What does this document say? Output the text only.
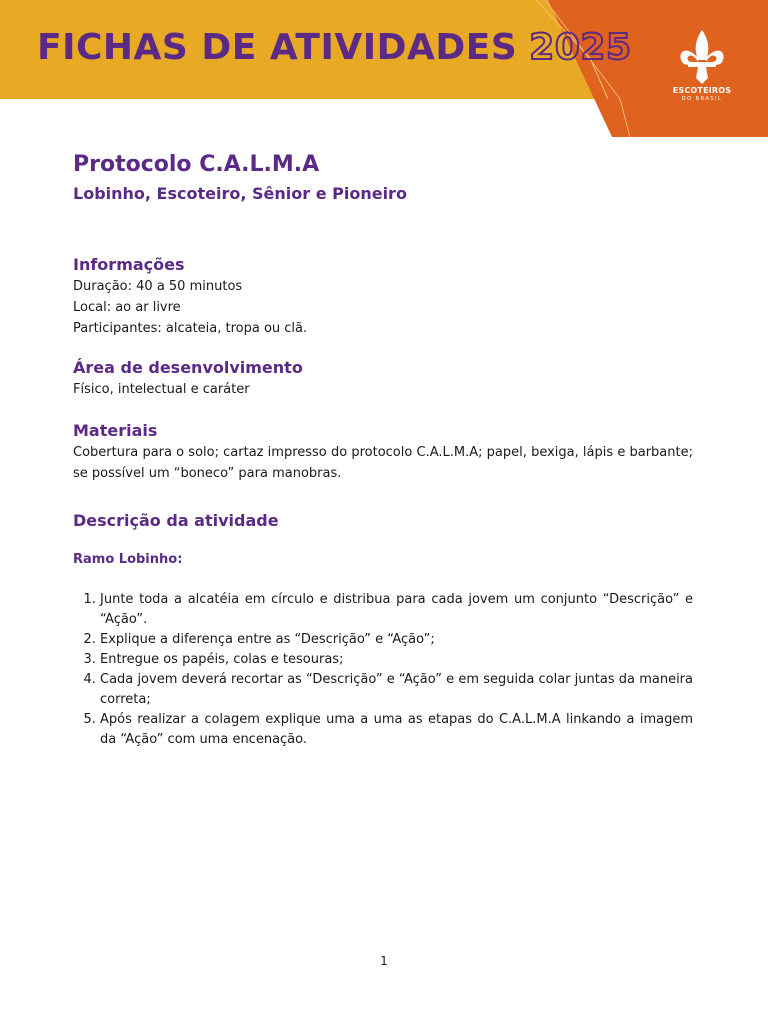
FICHAS DE ATIVIDADES 2025
ESCOTEIROS
DO BRASIL
Protocolo C.A.L.M.A
Lobinho, Escoteiro, Sênior e Pioneiro
Informações
Duração: 40 a 50 minutos
Local: ao ar livre
Participantes: alcateia, tropa ou clã.
Área de desenvolvimento
Físico, intelectual e caráter
Materiais
Cobertura para o solo; cartaz impresso do protocolo C.A.L.M.A; papel, bexiga, lápis e barbante; se possível um “boneco” para manobras.
Descrição da atividade
Ramo Lobinho:
1. Junte toda a alcatéia em círculo e distribua para cada jovem um conjunto “Descrição” e “Ação”.
2. Explique a diferença entre as “Descrição” e “Ação”;
3. Entregue os papéis, colas e tesouras;
4. Cada jovem deverá recortar as “Descrição” e “Ação” e em seguida colar juntas da maneira correta;
5. Após realizar a colagem explique uma a uma as etapas do C.A.L.M.A linkando a imagem da “Ação” com uma encenação.
1
